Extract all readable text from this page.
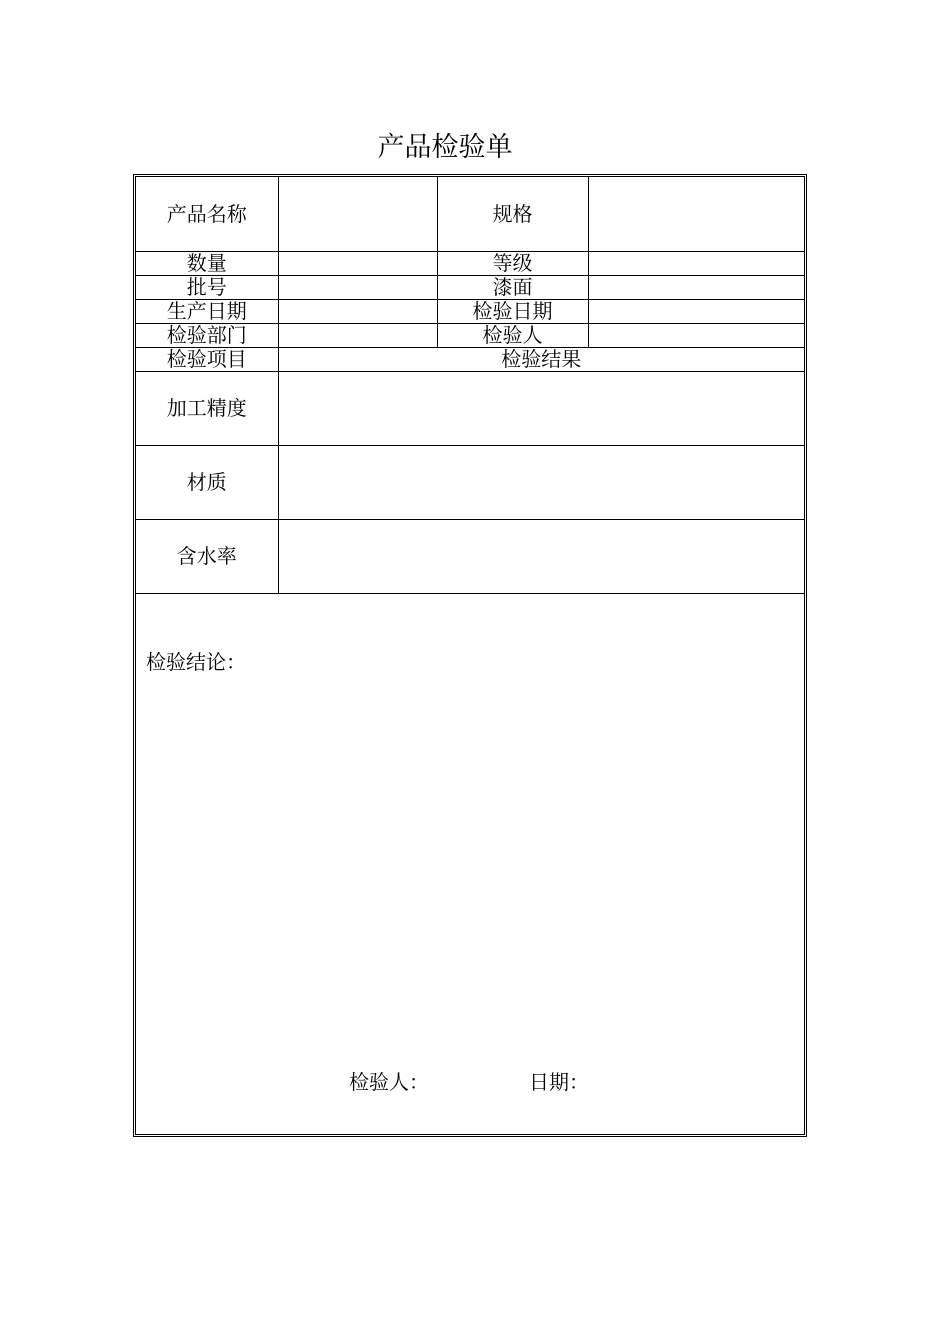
产品检验单
产品名称		规格	
数量		等级	
批号		漆面	
生产日期		检验日期	
检验部门		检验人	
检验项目	检验结果		
加工精度			
材质			
含水率			
检验结论：
检验人：	日期：
